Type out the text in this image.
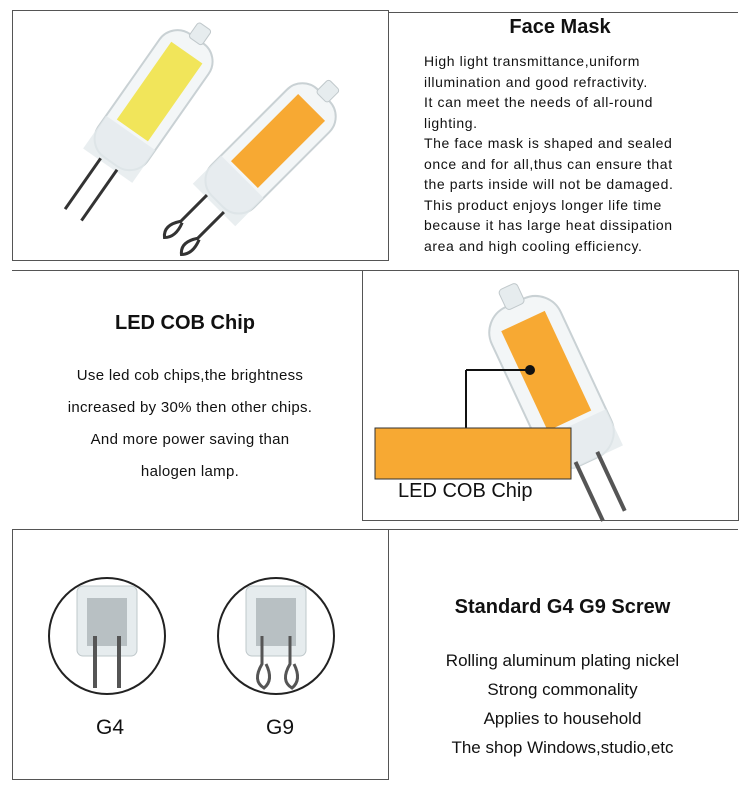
Face Mask
High light transmittance,uniform
illumination and good refractivity.
It can meet the needs of all-round
lighting.
The face mask is shaped and sealed
once and for all,thus can ensure that
the parts inside will not be damaged.
This product enjoys longer life time
because it has large heat dissipation
area and high cooling efficiency.
LED COB Chip
Use led cob chips,the brightness
increased by 30% then other chips.
And more power saving than
halogen lamp.
LED COB Chip
G4	G9
Standard G4 G9 Screw
Rolling aluminum plating nickel
Strong commonality
Applies to household
The shop Windows,studio,etc
